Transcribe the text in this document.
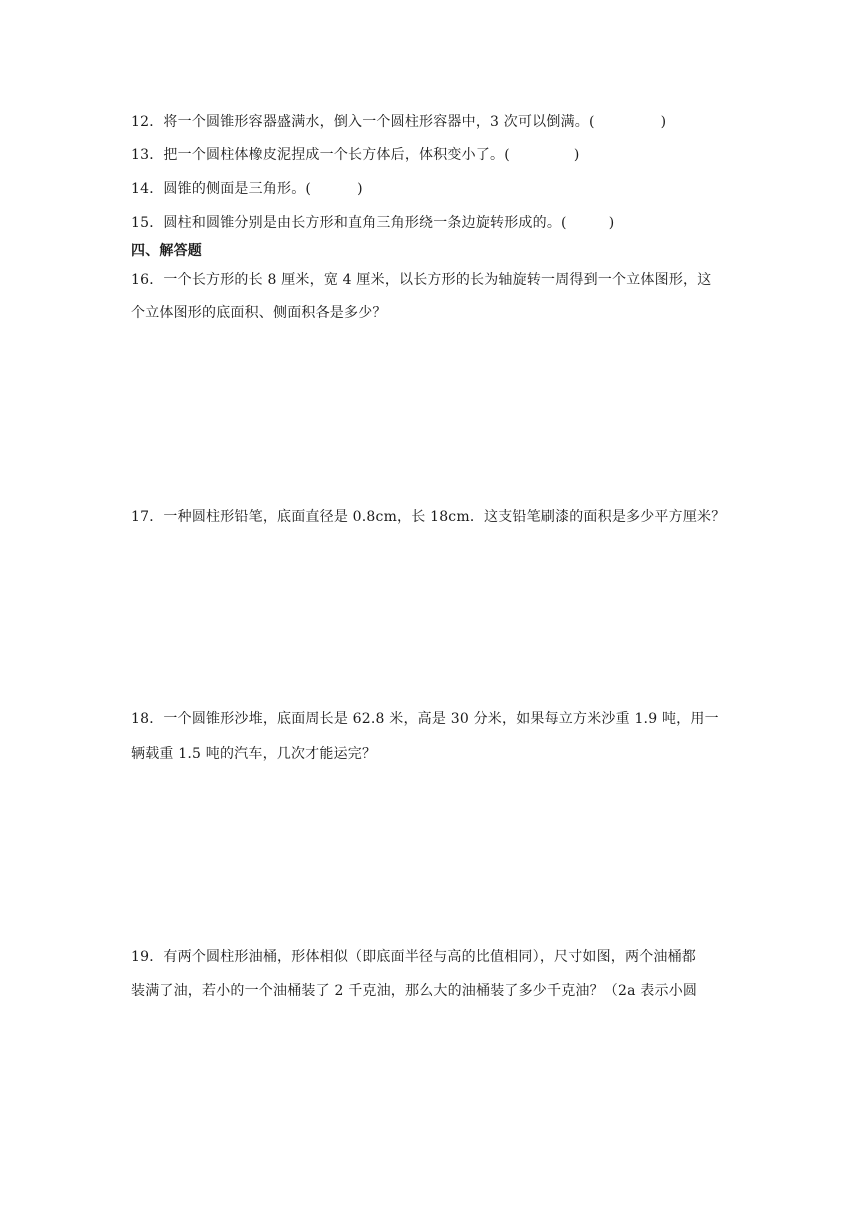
12．将一个圆锥形容器盛满水，倒入一个圆柱形容器中，3 次可以倒满。(	)
13．把一个圆柱体橡皮泥捏成一个长方体后，体积变小了。(	)
14．圆锥的侧面是三角形。(	)
15．圆柱和圆锥分别是由长方形和直角三角形绕一条边旋转形成的。(	)
四、解答题
16．一个长方形的长 8 厘米，宽 4 厘米，以长方形的长为轴旋转一周得到一个立体图形，这
个立体图形的底面积、侧面积各是多少？
17．一种圆柱形铅笔，底面直径是 0.8cm，长 18cm．这支铅笔刷漆的面积是多少平方厘米？
18．一个圆锥形沙堆，底面周长是 62.8 米，高是 30 分米，如果每立方米沙重 1.9 吨，用一
辆载重 1.5 吨的汽车，几次才能运完？
19．有两个圆柱形油桶，形体相似（即底面半径与高的比值相同），尺寸如图，两个油桶都
装满了油，若小的一个油桶装了 2 千克油，那么大的油桶装了多少千克油？（2a 表示小圆
